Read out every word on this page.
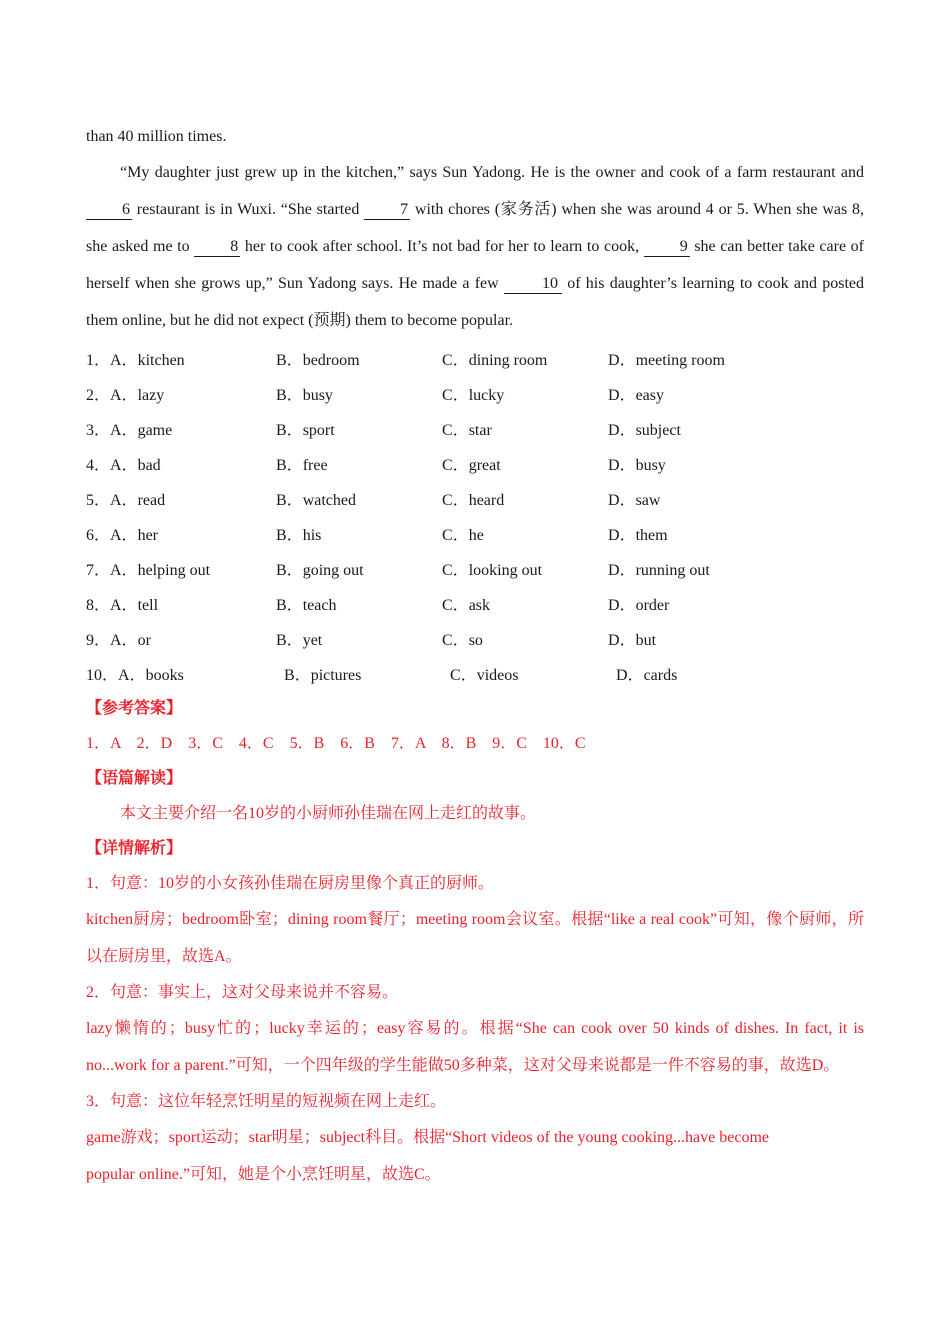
than 40 million times.

“My daughter just grew up in the kitchen,” says Sun Yadong. He is the owner and cook of a farm restaurant and 6 restaurant is in Wuxi. “She started 7 with chores (家务活) when she was around 4 or 5. When she was 8, she asked me to 8 her to cook after school. It’s not bad for her to learn to cook, 9 she can better take care of herself when she grows up,” Sun Yadong says. He made a few 10 of his daughter’s learning to cook and posted them online, but he did not expect (预期) them to become popular.

1． A．kitchen	B．bedroom	C．dining room	D．meeting room
2． A．lazy	B．busy	C．lucky	D．easy
3． A．game	B．sport	C．star	D．subject
4． A．bad	B．free	C．great	D．busy
5． A．read	B．watched	C．heard	D．saw
6． A．her	B．his	C．he	D．them
7． A．helping out	B．going out	C．looking out	D．running out
8． A．tell	B．teach	C．ask	D．order
9． A．or	B．yet	C．so	D．but
10． A．books	B．pictures	C．videos	D．cards
【参考答案】
1．A　2．D　3．C　4．C　5．B　6．B　7．A　8．B　9．C　10．C
【语篇解读】

本文主要介绍一名10岁的小厨师孙佳瑞在网上走红的故事。

【详情解析】

1．句意：10岁的小女孩孙佳瑞在厨房里像个真正的厨师。

kitchen厨房；bedroom卧室；dining room餐厅；meeting room会议室。根据“like a real cook”可知，像个厨师，所以在厨房里，故选A。

2．句意：事实上，这对父母来说并不容易。

lazy懒惰的；busy忙的；lucky幸运的；easy容易的。根据“She can cook over 50 kinds of dishes. In fact, it is no...work for a parent.”可知，一个四年级的学生能做50多种菜，这对父母来说都是一件不容易的事，故选D。

3．句意：这位年轻烹饪明星的短视频在网上走红。

game游戏；sport运动；star明星；subject科目。根据“Short videos of the young cooking...have become
popular online.”可知，她是个小烹饪明星，故选C。
